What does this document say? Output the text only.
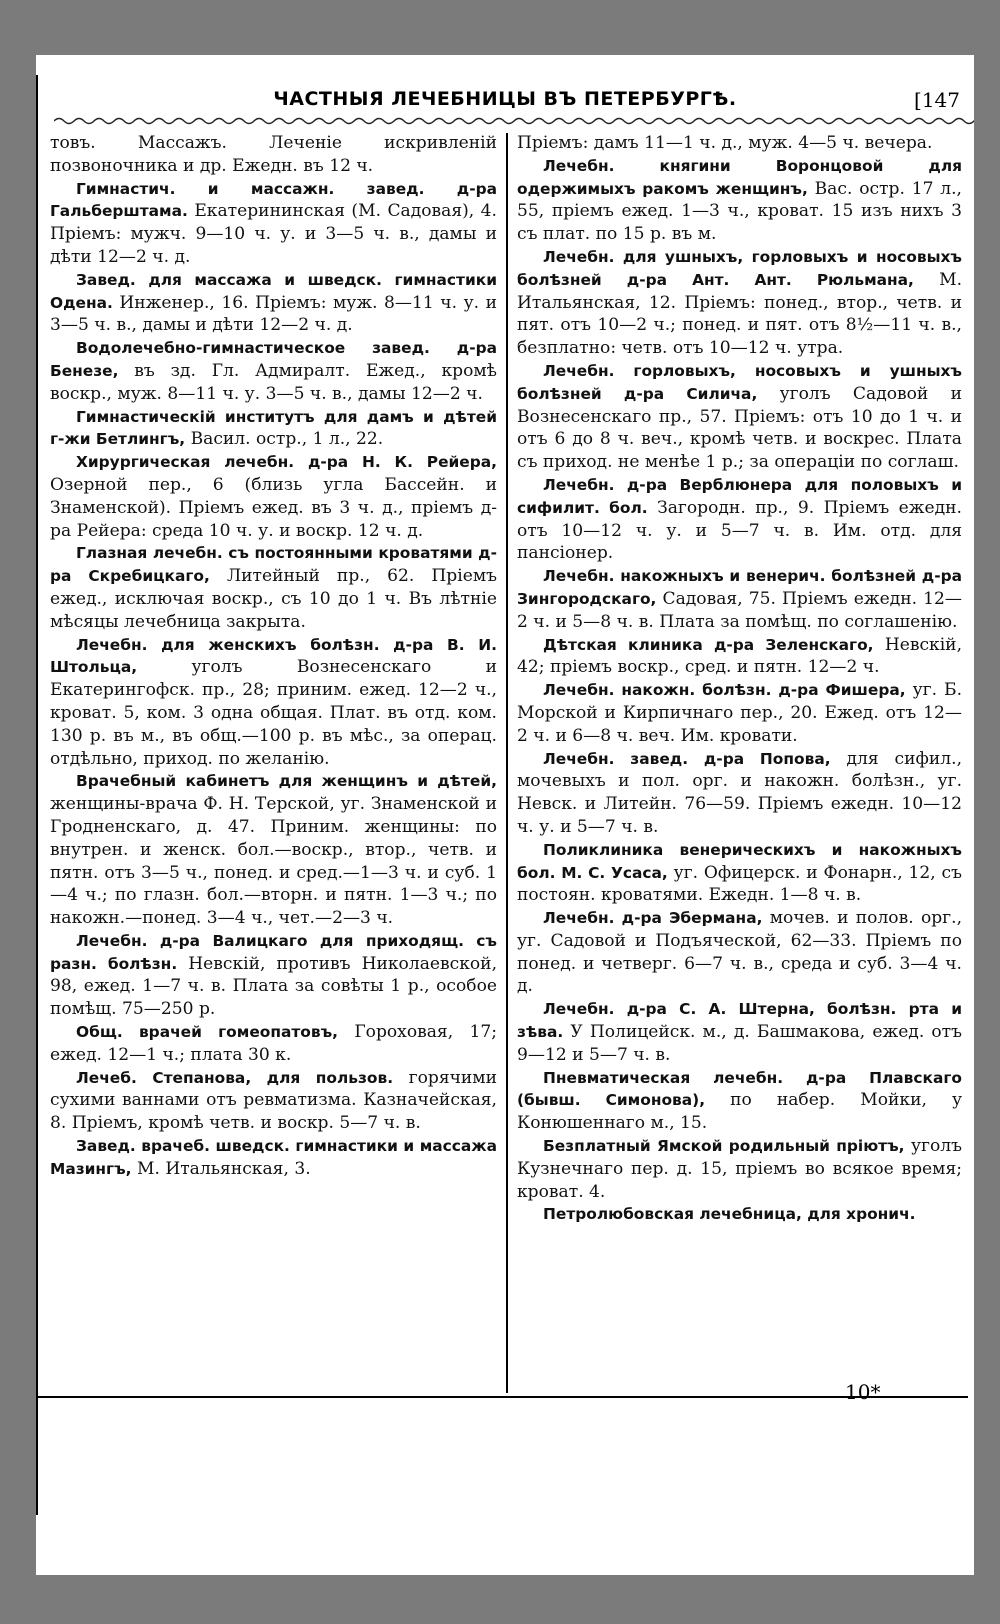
ЧАСТНЫЯ ЛЕЧЕБНИЦЫ ВЪ ПЕТЕРБУРГѢ.	[147

товъ. Массажъ. Леченіе искривленій позвоночника и др. Ежедн. въ 12 ч.

Гимнастич. и массажн. завед. д-ра Гальберштама. Екатерининская (М. Садовая), 4. Пріемъ: мужч. 9—10 ч. у. и 3—5 ч. в., дамы и дѣти 12—2 ч. д.

Завед. для массажа и шведск. гимнастики Одена. Инженер., 16. Пріемъ: муж. 8—11 ч. у. и 3—5 ч. в., дамы и дѣти 12—2 ч. д.

Водолечебно-гимнастическое завед. д-ра Бенезе, въ зд. Гл. Адмиралт. Ежед., кромѣ воскр., муж. 8—11 ч. у. 3—5 ч. в., дамы 12—2 ч.

Гимнастическій институтъ для дамъ и дѣтей г-жи Бетлингъ, Васил. остр., 1 л., 22.

Хирургическая лечебн. д-ра Н. К. Рейера, Озерной пер., 6 (близь угла Бассейн. и Знаменской). Пріемъ ежед. въ 3 ч. д., пріемъ д-ра Рейера: среда 10 ч. у. и воскр. 12 ч. д.

Глазная лечебн. съ постоянными кроватями д-ра Скребицкаго, Литейный пр., 62. Пріемъ ежед., исключая воскр., съ 10 до 1 ч. Въ лѣтніе мѣсяцы лечебница закрыта.

Лечебн. для женскихъ болѣзн. д-ра В. И. Штольца,	уголъ Вознесенскаго и Екатерингофск. пр., 28; приним. ежед. 12—2 ч., кроват. 5, ком. 3 одна общая. Плат. въ отд. ком. 130 р. въ м., въ общ.—100 р. въ мѣс., за операц. отдѣльно, приход. по желанію.

Врачебный кабинетъ для женщинъ и дѣтей, женщины-врача Ф. Н. Терской, уг. Знаменской и Гродненскаго, д. 47. Приним. женщины: по внутрен. и женск. бол.—воскр., втор., четв. и пятн. отъ 3—5 ч., понед. и сред.—1—3 ч. и суб. 1—4 ч.; по глазн. бол.—вторн. и пятн. 1—3 ч.; по накожн.—понед. 3—4 ч., чет.—2—3 ч.

Лечебн. д-ра Валицкаго для приходящ. съ разн. болѣзн. Невскій, противъ Николаевской, 98, ежед. 1—7 ч. в. Плата за совѣты 1 р., особое помѣщ. 75—250 р.

Общ. врачей гомеопатовъ, Гороховая, 17; ежед. 12—1 ч.; плата 30 к.

Лечеб. Степанова, для пользов. горячими сухими ваннами отъ ревматизма. Казначейская, 8. Пріемъ, кромѣ четв. и воскр. 5—7 ч. в.

Завед. врачеб. шведск. гимнастики и массажа Мазингъ, М. Итальянская, 3.

Пріемъ: дамъ 11—1 ч. д., муж. 4—5 ч. вечера.

Лечебн. княгини Воронцовой для одержимыхъ ракомъ женщинъ, Вас. остр. 17 л., 55, пріемъ ежед. 1—3 ч., кроват. 15 изъ нихъ 3 съ плат. по 15 р. въ м.

Лечебн. для ушныхъ, горловыхъ и носовыхъ болѣзней д-ра Ант. Ант. Рюльмана, М. Итальянская, 12. Пріемъ: понед., втор., четв. и пят. отъ 10—2 ч.; понед. и пят. отъ 8½—11 ч. в., безплатно: четв. отъ 10—12 ч. утра.

Лечебн. горловыхъ, носовыхъ и ушныхъ болѣзней д-ра Силича, уголъ Садовой и Вознесенскаго пр., 57. Пріемъ: отъ 10 до 1 ч. и отъ 6 до 8 ч. веч., кромѣ четв. и воскрес. Плата съ приход. не менѣе 1 р.; за операціи по соглаш.

Лечебн. д-ра Верблюнера для половыхъ и сифилит. бол. Загородн. пр., 9. Пріемъ ежедн. отъ 10—12 ч. у. и 5—7 ч. в. Им. отд. для пансіонер.

Лечебн. накожныхъ и венерич. болѣзней д-ра Зингородскаго, Садовая, 75. Пріемъ ежедн. 12—2 ч. и 5—8 ч. в. Плата за помѣщ. по соглашенію.

Дѣтская клиника д-ра Зеленскаго, Невскій, 42; пріемъ воскр., сред. и пятн. 12—2 ч.

Лечебн. накожн. болѣзн. д-ра Фишера, уг. Б. Морской и Кирпичнаго пер., 20. Ежед. отъ 12—2 ч. и 6—8 ч. веч. Им. кровати.

Лечебн. завед. д-ра Попова, для сифил., мочевыхъ и пол. орг. и накожн. болѣзн., уг. Невск. и Литейн. 76—59. Пріемъ ежедн. 10—12 ч. у. и 5—7 ч. в.

Поликлиника венерическихъ и накожныхъ бол. М. С. Усаса, уг. Офицерск. и Фонарн., 12, съ постоян. кроватями. Ежедн. 1—8 ч. в.

Лечебн. д-ра Эбермана, мочев. и полов. орг., уг. Садовой и Подъяческой, 62—33. Пріемъ по понед. и четверг. 6—7 ч. в., среда и суб. 3—4 ч. д.

Лечебн. д-ра С. А. Штерна, болѣзн. рта и зѣва. У Полицейск. м., д. Башмакова, ежед. отъ 9—12 и 5—7 ч. в.

Пневматическая лечебн. д-ра Плавскаго (бывш. Симонова), по набер. Мойки, у Конюшеннаго м., 15.

Безплатный Ямской родильный пріютъ, уголъ Кузнечнаго пер. д. 15, пріемъ во всякое время; кроват. 4.

Петролюбовская лечебница, для хронич.

10*
